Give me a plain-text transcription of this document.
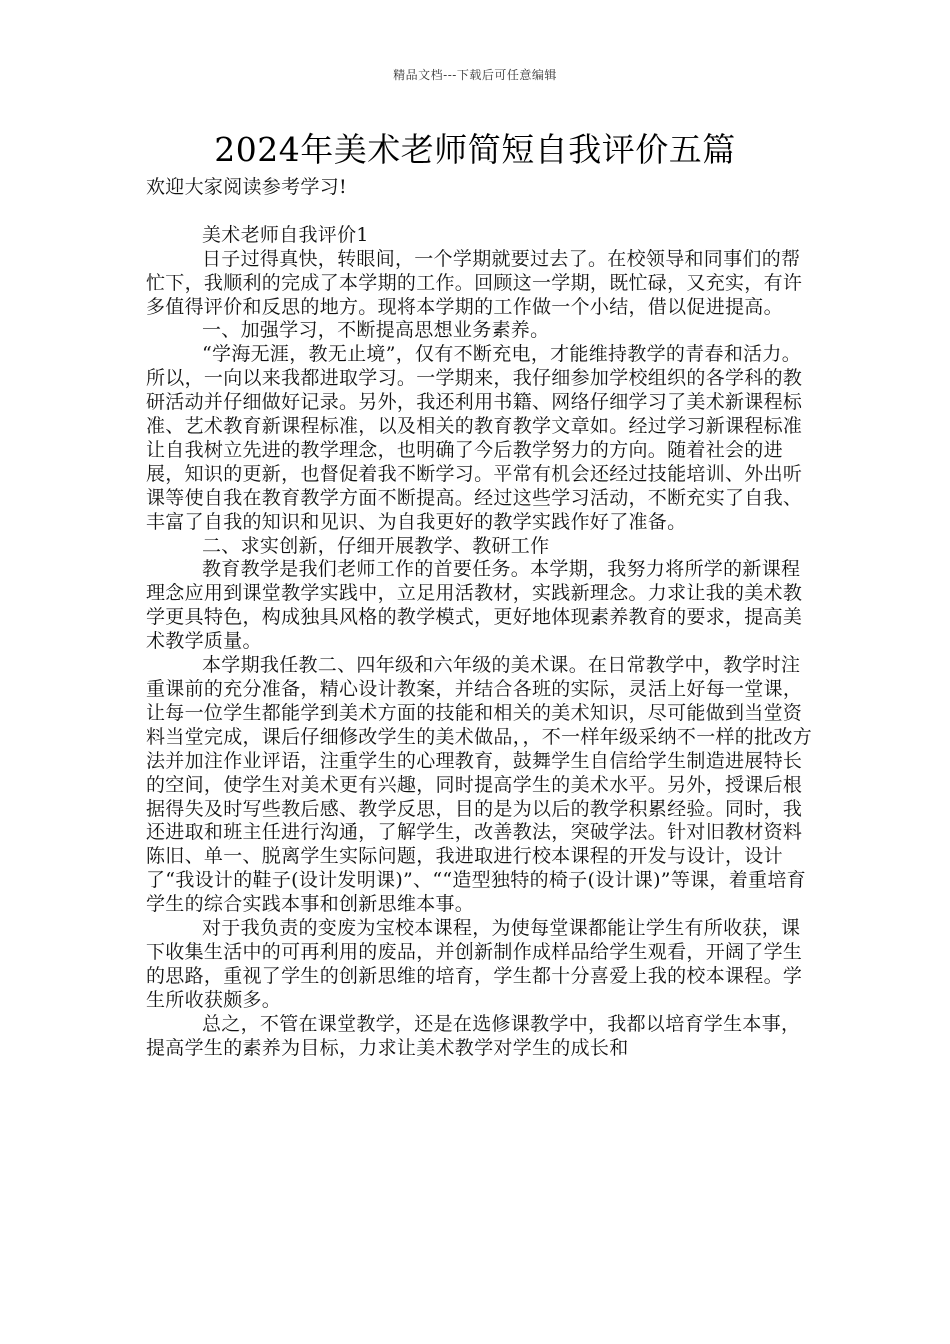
精品文档---下载后可任意编辑
2024年美术老师简短自我评价五篇

欢迎大家阅读参考学习!

美术老师自我评价1

日子过得真快，转眼间，一个学期就要过去了。在校领导和同事们的帮忙下，我顺利的完成了本学期的工作。回顾这一学期，既忙碌，又充实，有许多值得评价和反思的地方。现将本学期的工作做一个小结，借以促进提高。

一、加强学习，不断提高思想业务素养。

“学海无涯，教无止境”，仅有不断充电，才能维持教学的青春和活力。所以，一向以来我都进取学习。一学期来，我仔细参加学校组织的各学科的教研活动并仔细做好记录。另外，我还利用书籍、网络仔细学习了美术新课程标准、艺术教育新课程标准，以及相关的教育教学文章如。经过学习新课程标准让自我树立先进的教学理念，也明确了今后教学努力的方向。随着社会的进展，知识的更新，也督促着我不断学习。平常有机会还经过技能培训、外出听课等使自我在教育教学方面不断提高。经过这些学习活动，不断充实了自我、丰富了自我的知识和见识、为自我更好的教学实践作好了准备。

二、求实创新，仔细开展教学、教研工作

教育教学是我们老师工作的首要任务。本学期，我努力将所学的新课程理念应用到课堂教学实践中，立足用活教材，实践新理念。力求让我的美术教学更具特色，构成独具风格的教学模式，更好地体现素养教育的要求，提高美术教学质量。

本学期我任教二、四年级和六年级的美术课。在日常教学中，教学时注重课前的充分准备，精心设计教案，并结合各班的实际，灵活上好每一堂课，让每一位学生都能学到美术方面的技能和相关的美术知识，尽可能做到当堂资料当堂完成，课后仔细修改学生的美术做品，，不一样年级采纳不一样的批改方法并加注作业评语，注重学生的心理教育，鼓舞学生自信给学生制造进展特长的空间，使学生对美术更有兴趣，同时提高学生的美术水平。另外，授课后根据得失及时写些教后感、教学反思，目的是为以后的教学积累经验。同时，我还进取和班主任进行沟通，了解学生，改善教法，突破学法。针对旧教材资料陈旧、单一、脱离学生实际问题，我进取进行校本课程的开发与设计，设计了“我设计的鞋子(设计发明课)”、““造型独特的椅子(设计课)”等课，着重培育学生的综合实践本事和创新思维本事。

对于我负责的变废为宝校本课程，为使每堂课都能让学生有所收获，课下收集生活中的可再利用的废品，并创新制作成样品给学生观看，开阔了学生的思路，重视了学生的创新思维的培育，学生都十分喜爱上我的校本课程。学生所收获颇多。

总之，不管在课堂教学，还是在选修课教学中，我都以培育学生本事，提高学生的素养为目标，力求让美术教学对学生的成长和
